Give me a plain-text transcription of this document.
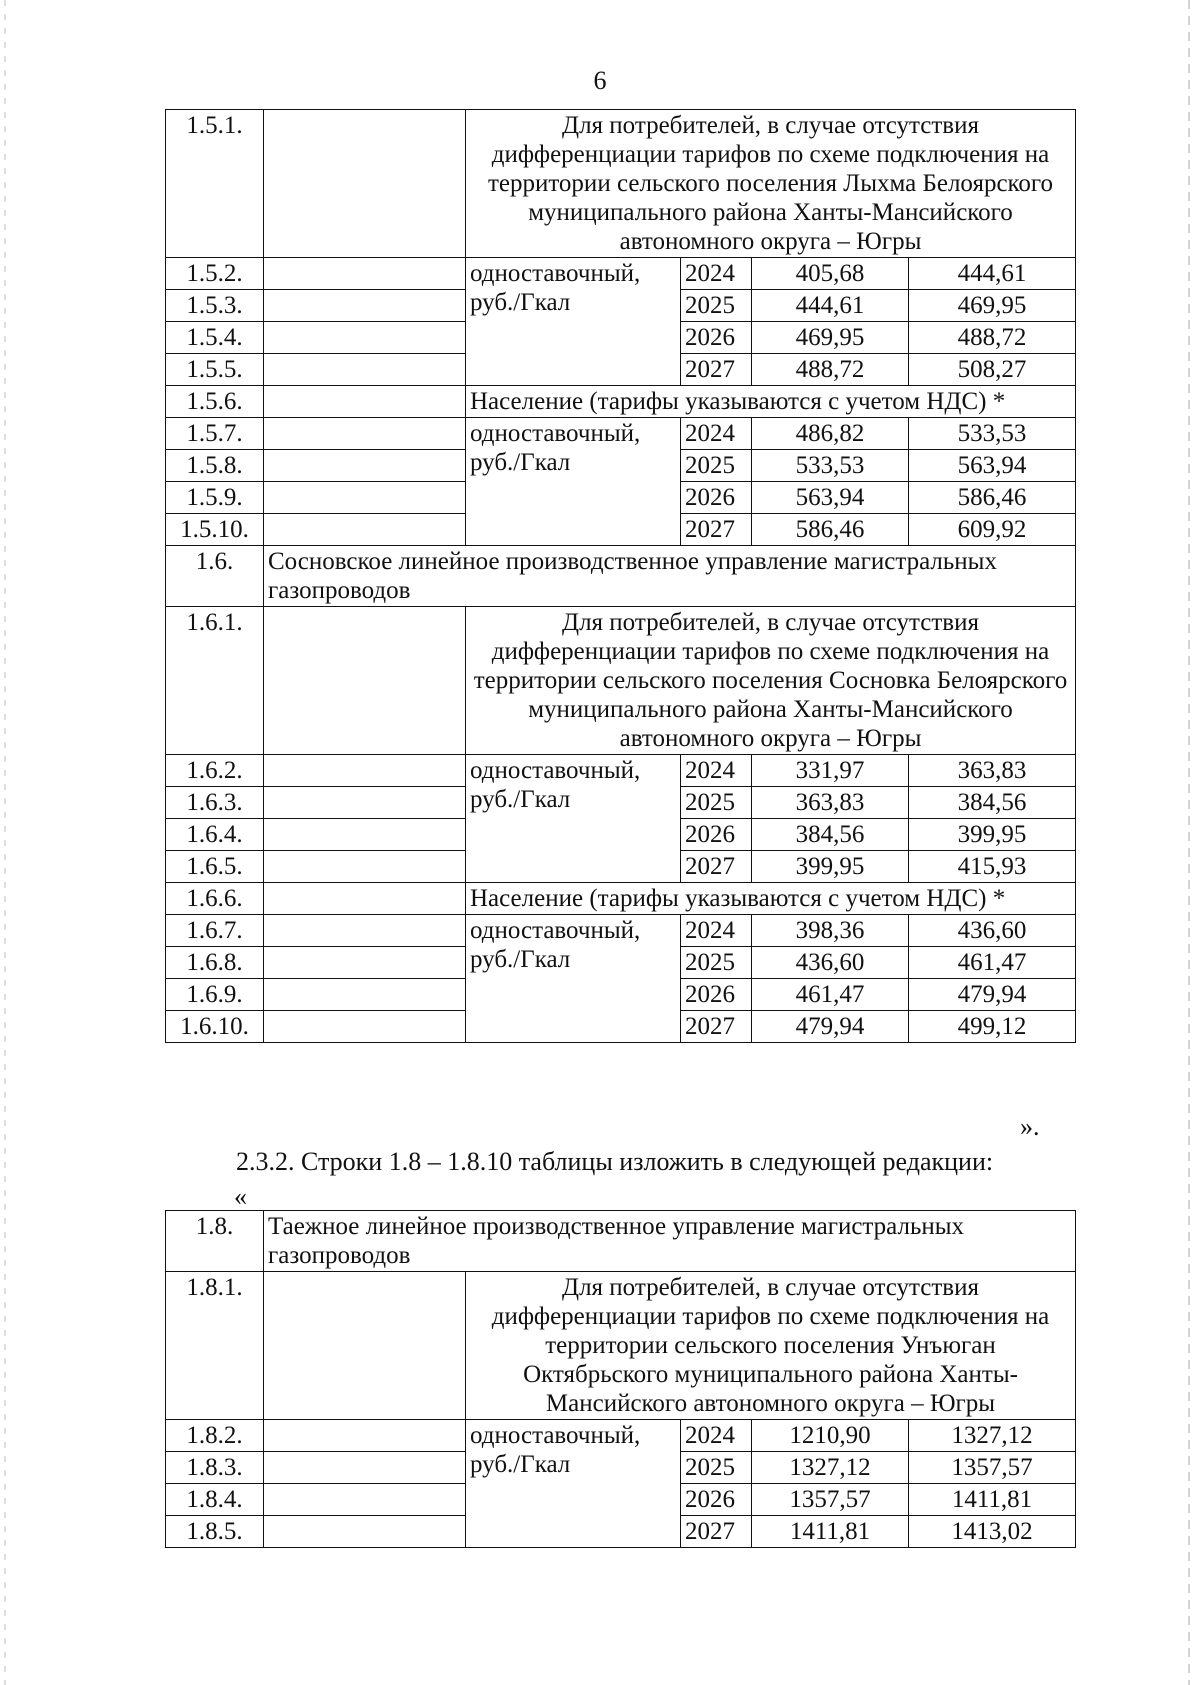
6
1.5.1.		Для потребителей, в случае отсутствия дифференциации тарифов по схеме подключения на территории сельского поселения Лыхма Белоярского муниципального района Ханты-Мансийского автономного округа – Югры			
1.5.2.		одноставочный, руб./Гкал	2024	405,68	444,61
1.5.3.			2025	444,61	469,95
1.5.4.			2026	469,95	488,72
1.5.5.			2027	488,72	508,27
1.5.6.		Население (тарифы указываются с учетом НДС) *			
1.5.7.		одноставочный, руб./Гкал	2024	486,82	533,53
1.5.8.			2025	533,53	563,94
1.5.9.			2026	563,94	586,46
1.5.10.			2027	586,46	609,92
1.6.	Сосновское линейное производственное управление магистральных газопроводов				
1.6.1.		Для потребителей, в случае отсутствия дифференциации тарифов по схеме подключения на территории сельского поселения Сосновка Белоярского муниципального района Ханты-Мансийского автономного округа – Югры			
1.6.2.		одноставочный, руб./Гкал	2024	331,97	363,83
1.6.3.			2025	363,83	384,56
1.6.4.			2026	384,56	399,95
1.6.5.			2027	399,95	415,93
1.6.6.		Население (тарифы указываются с учетом НДС) *			
1.6.7.		одноставочный, руб./Гкал	2024	398,36	436,60
1.6.8.			2025	436,60	461,47
1.6.9.			2026	461,47	479,94
1.6.10.			2027	479,94	499,12
».
2.3.2. Строки 1.8 – 1.8.10 таблицы изложить в следующей редакции:
«
1.8.	Таежное линейное производственное управление магистральных газопроводов				
1.8.1.		Для потребителей, в случае отсутствия дифференциации тарифов по схеме подключения на территории сельского поселения Унъюган Октябрьского муниципального района Ханты-Мансийского автономного округа – Югры			
1.8.2.		одноставочный, руб./Гкал	2024	1210,90	1327,12
1.8.3.			2025	1327,12	1357,57
1.8.4.			2026	1357,57	1411,81
1.8.5.			2027	1411,81	1413,02
